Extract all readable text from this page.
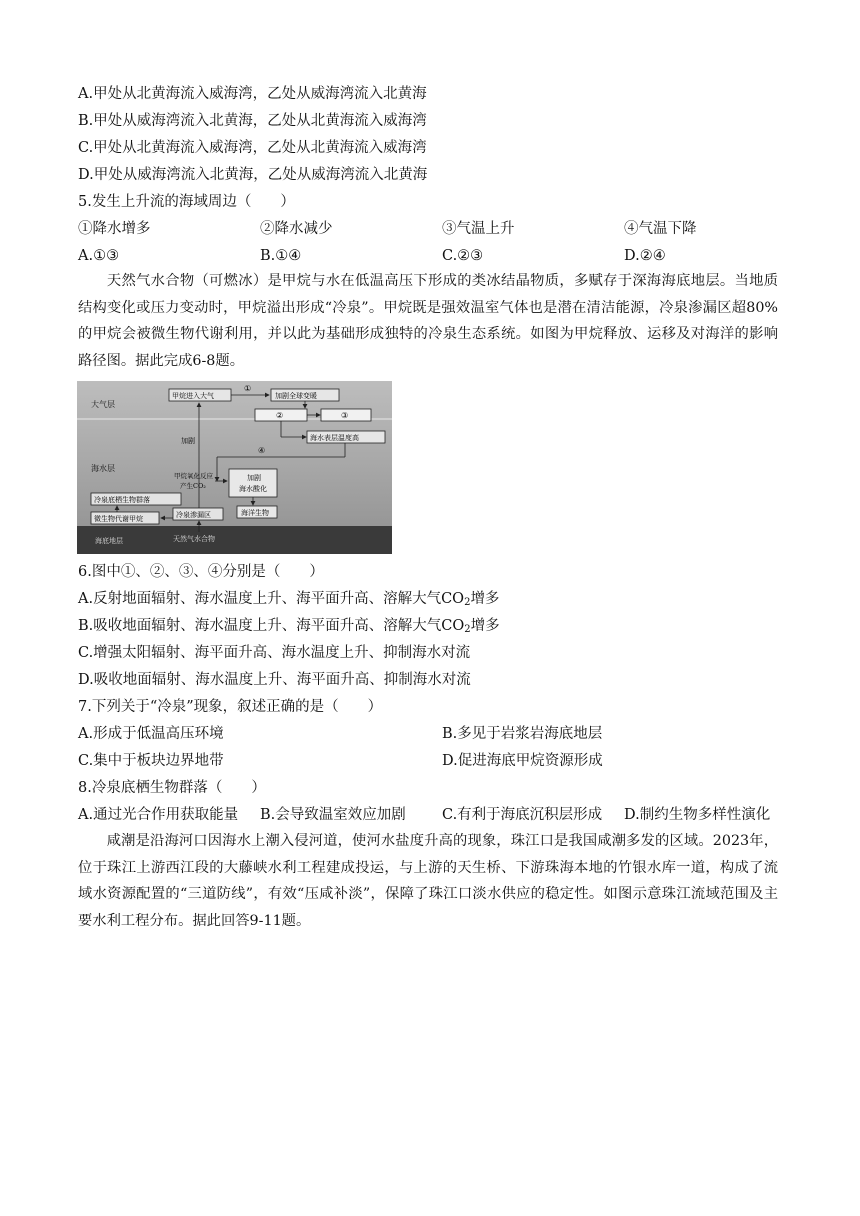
A.甲处从北黄海流入威海湾，乙处从威海湾流入北黄海
B.甲处从威海湾流入北黄海，乙处从北黄海流入威海湾
C.甲处从北黄海流入威海湾，乙处从北黄海流入威海湾
D.甲处从威海湾流入北黄海，乙处从威海湾流入北黄海
5.发生上升流的海域周边（　　）
①降水增多	②降水减少	③气温上升	④气温下降
A.①③	B.①④	C.②③	D.②④
天然气水合物（可燃冰）是甲烷与水在低温高压下形成的类冰结晶物质，多赋存于深海海底地层。当地质结构变化或压力变动时，甲烷溢出形成“冷泉”。甲烷既是强效温室气体也是潜在清洁能源，冷泉渗漏区超80%的甲烷会被微生物代谢利用，并以此为基础形成独特的冷泉生态系统。如图为甲烷释放、运移及对海洋的影响路径图。据此完成6-8题。
大气层
海水层
海底地层
甲烷进入大气	加剧全球变暖
①
②	③
海水表层温度高
④
加剧
甲烷氧化反应
产生CO₂
加剧
海水酸化
海洋生物
冷泉底栖生物群落
微生物代谢甲烷	冷泉渗漏区
天然气水合物
6.图中①、②、③、④分别是（　　）
A.反射地面辐射、海水温度上升、海平面升高、溶解大气$CO_2$增多
B.吸收地面辐射、海水温度上升、海平面升高、溶解大气$CO_2$增多
C.增强太阳辐射、海平面升高、海水温度上升、抑制海水对流
D.吸收地面辐射、海水温度上升、海平面升高、抑制海水对流
7.下列关于“冷泉”现象，叙述正确的是（　　）
A.形成于低温高压环境	B.多见于岩浆岩海底地层
C.集中于板块边界地带	D.促进海底甲烷资源形成
8.冷泉底栖生物群落（　　）
A.通过光合作用获取能量 B.会导致温室效应加剧 C.有利于海底沉积层形成 D.制约生物多样性演化
咸潮是沿海河口因海水上潮入侵河道，使河水盐度升高的现象，珠江口是我国咸潮多发的区域。2023年，位于珠江上游西江段的大藤峡水利工程建成投运，与上游的天生桥、下游珠海本地的竹银水库一道，构成了流域水资源配置的“三道防线”，有效“压咸补淡”，保障了珠江口淡水供应的稳定性。如图示意珠江流域范围及主要水利工程分布。据此回答9-11题。
